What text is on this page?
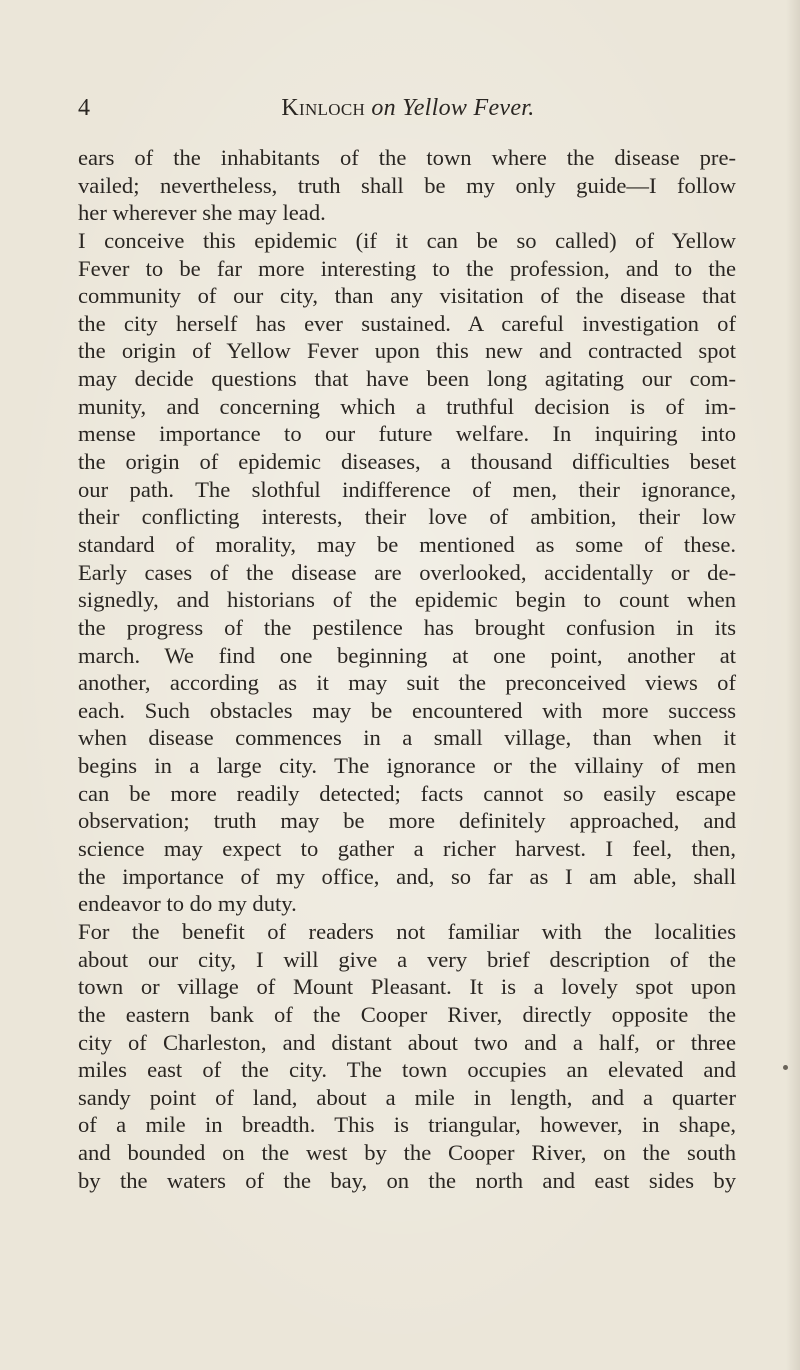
4	Kinloch on Yellow Fever.
ears of the inhabitants of the town where the disease pre-
vailed; nevertheless, truth shall be my only guide—I follow
her wherever she may lead.
I conceive this epidemic (if it can be so called) of Yellow
Fever to be far more interesting to the profession, and to the
community of our city, than any visitation of the disease that
the city herself has ever sustained. A careful investigation of
the origin of Yellow Fever upon this new and contracted spot
may decide questions that have been long agitating our com-
munity, and concerning which a truthful decision is of im-
mense importance to our future welfare. In inquiring into
the origin of epidemic diseases, a thousand difficulties beset
our path. The slothful indifference of men, their ignorance,
their conflicting interests, their love of ambition, their low
standard of morality, may be mentioned as some of these.
Early cases of the disease are overlooked, accidentally or de-
signedly, and historians of the epidemic begin to count when
the progress of the pestilence has brought confusion in its
march. We find one beginning at one point, another at
another, according as it may suit the preconceived views of
each. Such obstacles may be encountered with more success
when disease commences in a small village, than when it
begins in a large city. The ignorance or the villainy of men
can be more readily detected; facts cannot so easily escape
observation; truth may be more definitely approached, and
science may expect to gather a richer harvest. I feel, then,
the importance of my office, and, so far as I am able, shall
endeavor to do my duty.
For the benefit of readers not familiar with the localities
about our city, I will give a very brief description of the
town or village of Mount Pleasant. It is a lovely spot upon
the eastern bank of the Cooper River, directly opposite the
city of Charleston, and distant about two and a half, or three
miles east of the city. The town occupies an elevated and
sandy point of land, about a mile in length, and a quarter
of a mile in breadth. This is triangular, however, in shape,
and bounded on the west by the Cooper River, on the south
by the waters of the bay, on the north and east sides by
